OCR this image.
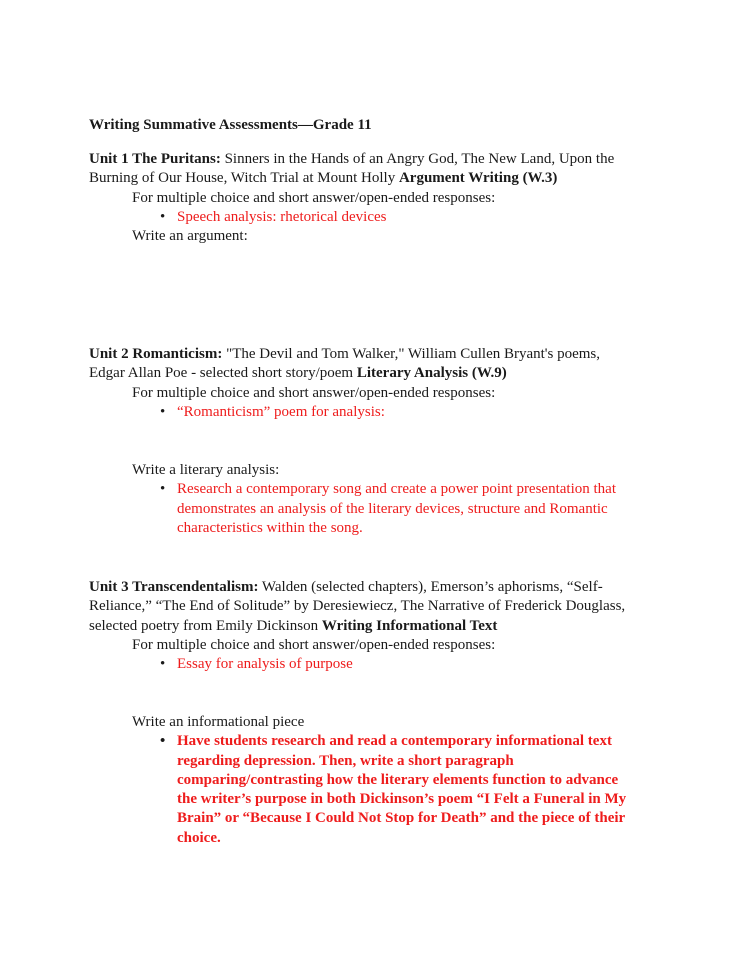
Writing Summative Assessments—Grade 11
Unit 1 The Puritans: Sinners in the Hands of an Angry God, The New Land, Upon the
Burning of Our House, Witch Trial at Mount Holly Argument Writing (W.3)
For multiple choice and short answer/open-ended responses:
• Speech analysis: rhetorical devices
Write an argument:
Unit 2 Romanticism: "The Devil and Tom Walker," William Cullen Bryant's poems,
Edgar Allan Poe - selected short story/poem Literary Analysis (W.9)
For multiple choice and short answer/open-ended responses:
• “Romanticism” poem for analysis:
Write a literary analysis:
• Research a contemporary song and create a power point presentation that
demonstrates an analysis of the literary devices, structure and Romantic
characteristics within the song.
Unit 3 Transcendentalism: Walden (selected chapters), Emerson’s aphorisms, “Self-
Reliance,” “The End of Solitude” by Deresiewiecz, The Narrative of Frederick Douglass,
selected poetry from Emily Dickinson Writing Informational Text
For multiple choice and short answer/open-ended responses:
• Essay for analysis of purpose
Write an informational piece
• Have students research and read a contemporary informational text
regarding depression. Then, write a short paragraph
comparing/contrasting how the literary elements function to advance
the writer’s purpose in both Dickinson’s poem “I Felt a Funeral in My
Brain” or “Because I Could Not Stop for Death” and the piece of their
choice.
